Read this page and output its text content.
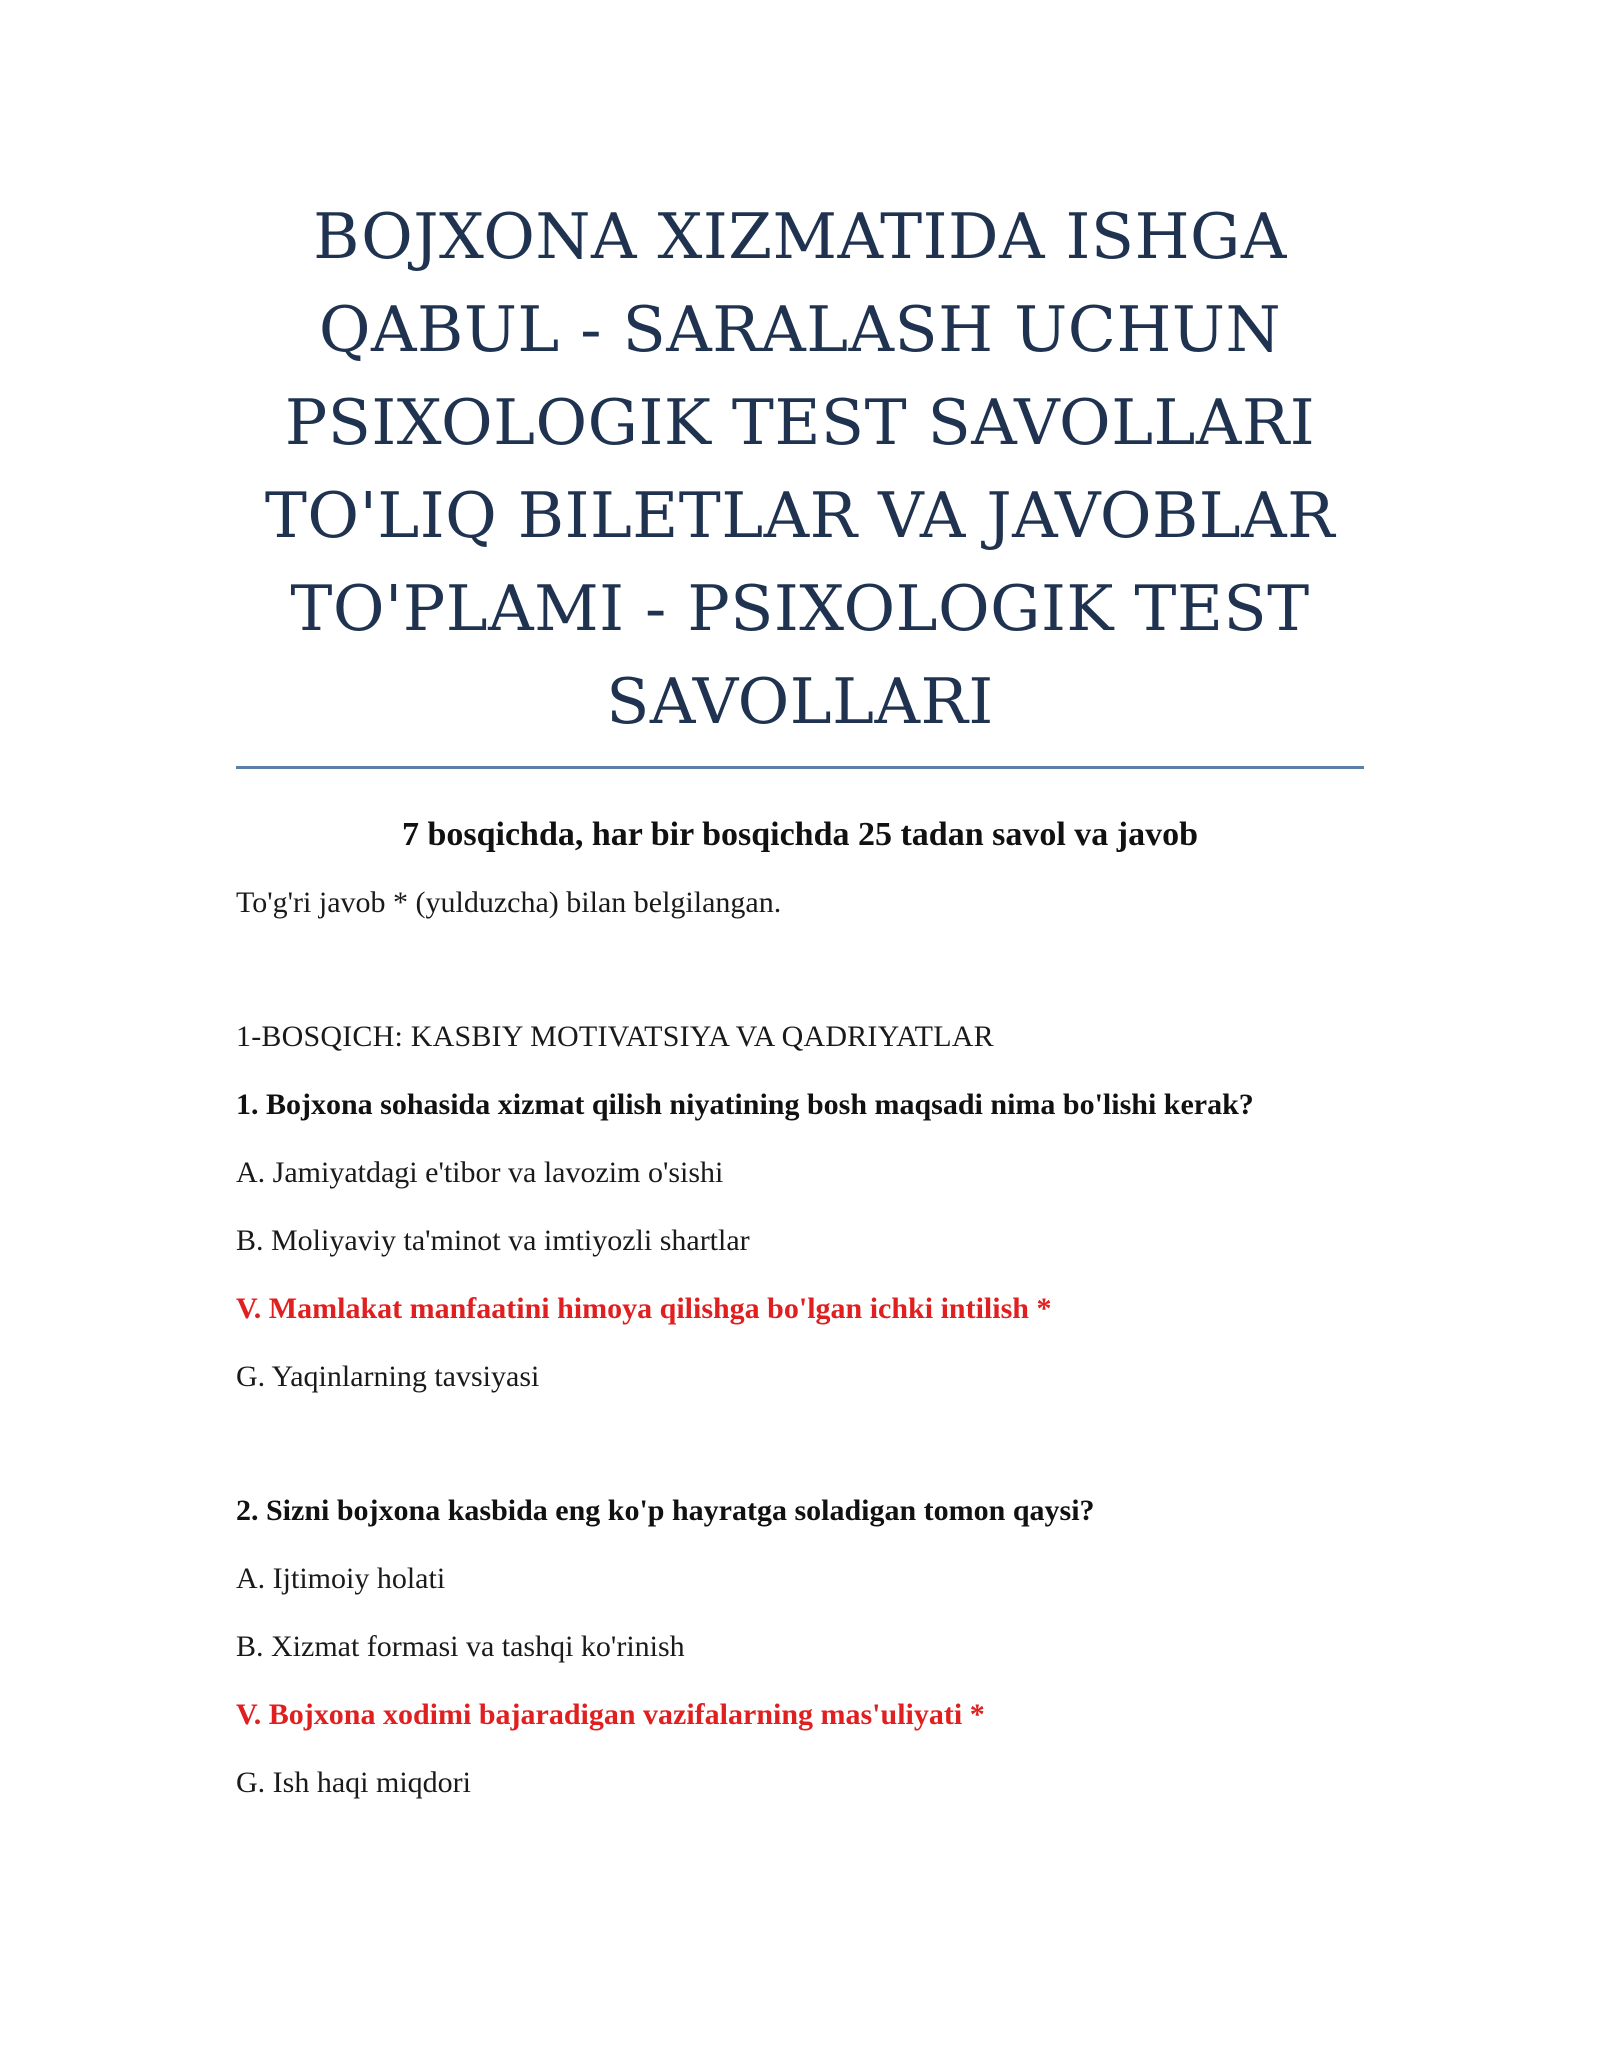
BOJXONA XIZMATIDA ISHGA
QABUL - SARALASH UCHUN
PSIXOLOGIK TEST SAVOLLARI
TO'LIQ BILETLAR VA JAVOBLAR
TO'PLAMI - PSIXOLOGIK TEST
SAVOLLARI

7 bosqichda, har bir bosqichda 25 tadan savol va javob

To'g'ri javob * (yulduzcha) bilan belgilangan.

1-BOSQICH: KASBIY MOTIVATSIYA VA QADRIYATLAR

1. Bojxona sohasida xizmat qilish niyatining bosh maqsadi nima bo'lishi kerak?

A. Jamiyatdagi e'tibor va lavozim o'sishi

B. Moliyaviy ta'minot va imtiyozli shartlar

V. Mamlakat manfaatini himoya qilishga bo'lgan ichki intilish *

G. Yaqinlarning tavsiyasi

2. Sizni bojxona kasbida eng ko'p hayratga soladigan tomon qaysi?

A. Ijtimoiy holati

B. Xizmat formasi va tashqi ko'rinish

V. Bojxona xodimi bajaradigan vazifalarning mas'uliyati *

G. Ish haqi miqdori
